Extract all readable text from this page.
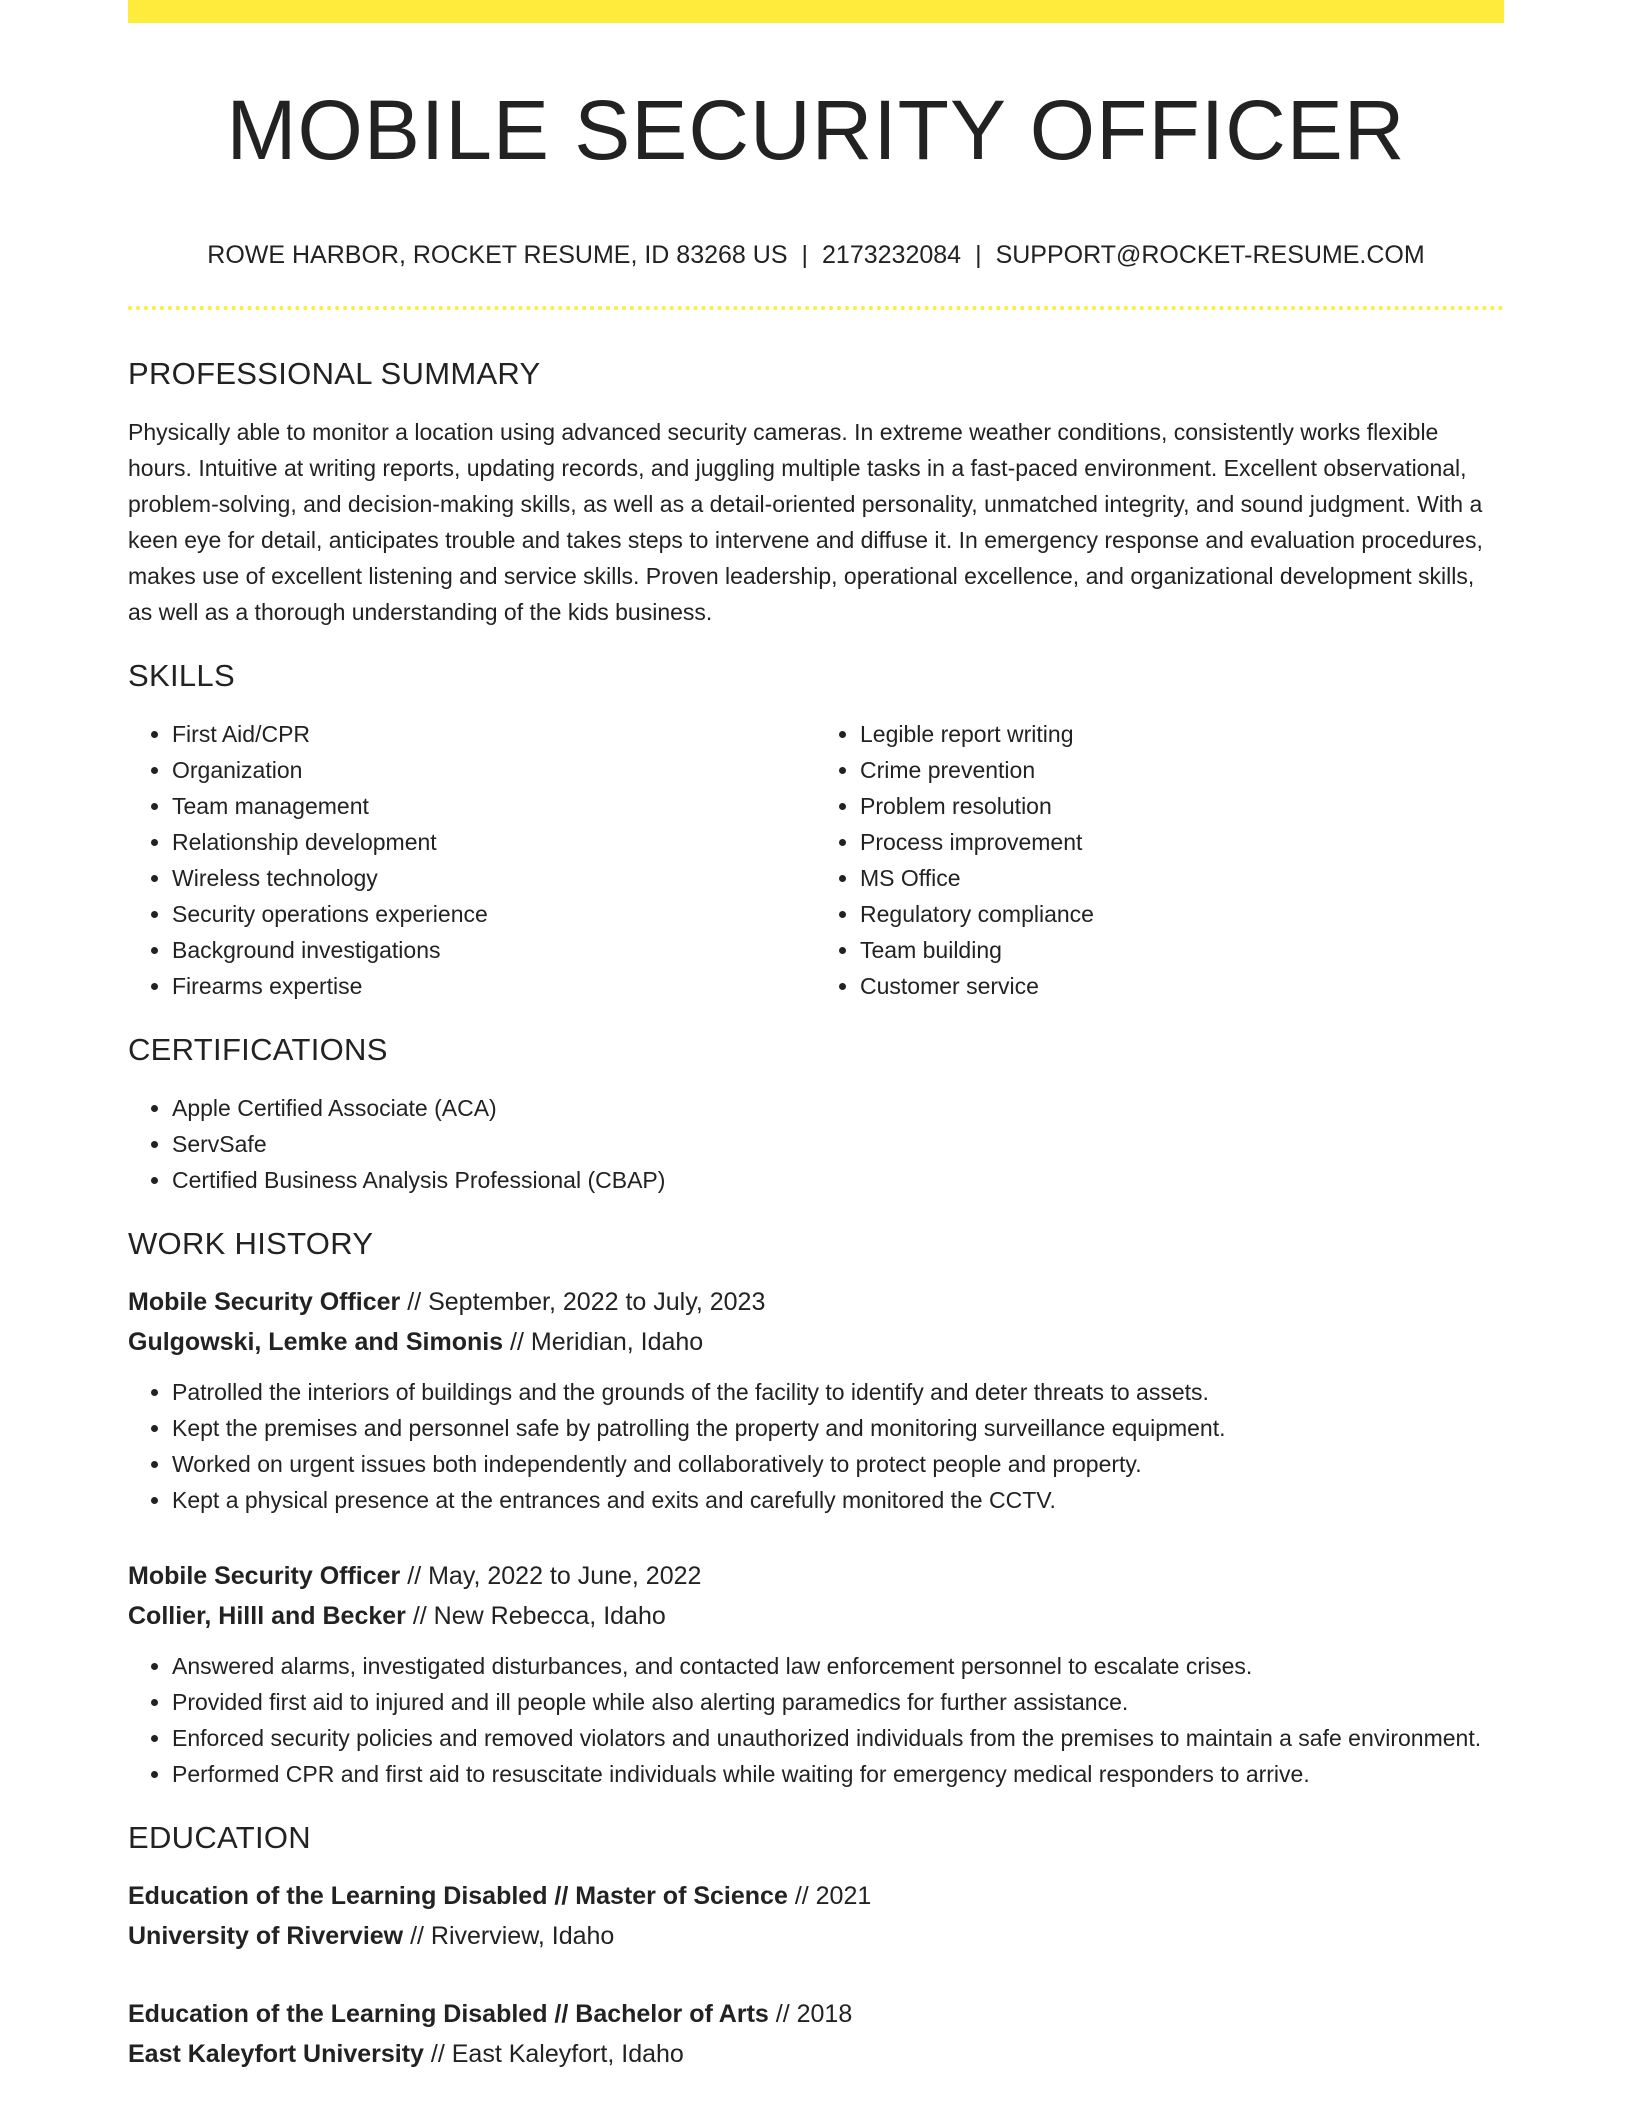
MOBILE SECURITY OFFICER
ROWE HARBOR, ROCKET RESUME, ID 83268 US | 2173232084 | SUPPORT@ROCKET-RESUME.COM
PROFESSIONAL SUMMARY

Physically able to monitor a location using advanced security cameras. In extreme weather conditions, consistently works flexible hours. Intuitive at writing reports, updating records, and juggling multiple tasks in a fast-paced environment. Excellent observational, problem-solving, and decision-making skills, as well as a detail-oriented personality, unmatched integrity, and sound judgment. With a keen eye for detail, anticipates trouble and takes steps to intervene and diffuse it. In emergency response and evaluation procedures, makes use of excellent listening and service skills. Proven leadership, operational excellence, and organizational development skills, as well as a thorough understanding of the kids business.

SKILLS
• First Aid/CPR
• Organization
• Team management
• Relationship development
• Wireless technology
• Security operations experience
• Background investigations
• Firearms expertise
• Legible report writing
• Crime prevention
• Problem resolution
• Process improvement
• MS Office
• Regulatory compliance
• Team building
• Customer service
CERTIFICATIONS
• Apple Certified Associate (ACA)
• ServSafe
• Certified Business Analysis Professional (CBAP)
WORK HISTORY
Mobile Security Officer // September, 2022 to July, 2023
Gulgowski, Lemke and Simonis // Meridian, Idaho
• Patrolled the interiors of buildings and the grounds of the facility to identify and deter threats to assets.
• Kept the premises and personnel safe by patrolling the property and monitoring surveillance equipment.
• Worked on urgent issues both independently and collaboratively to protect people and property.
• Kept a physical presence at the entrances and exits and carefully monitored the CCTV.
Mobile Security Officer // May, 2022 to June, 2022
Collier, Hilll and Becker // New Rebecca, Idaho
• Answered alarms, investigated disturbances, and contacted law enforcement personnel to escalate crises.
• Provided first aid to injured and ill people while also alerting paramedics for further assistance.
• Enforced security policies and removed violators and unauthorized individuals from the premises to maintain a safe environment.
• Performed CPR and first aid to resuscitate individuals while waiting for emergency medical responders to arrive.
EDUCATION
Education of the Learning Disabled // Master of Science // 2021
University of Riverview // Riverview, Idaho
Education of the Learning Disabled // Bachelor of Arts // 2018
East Kaleyfort University // East Kaleyfort, Idaho
